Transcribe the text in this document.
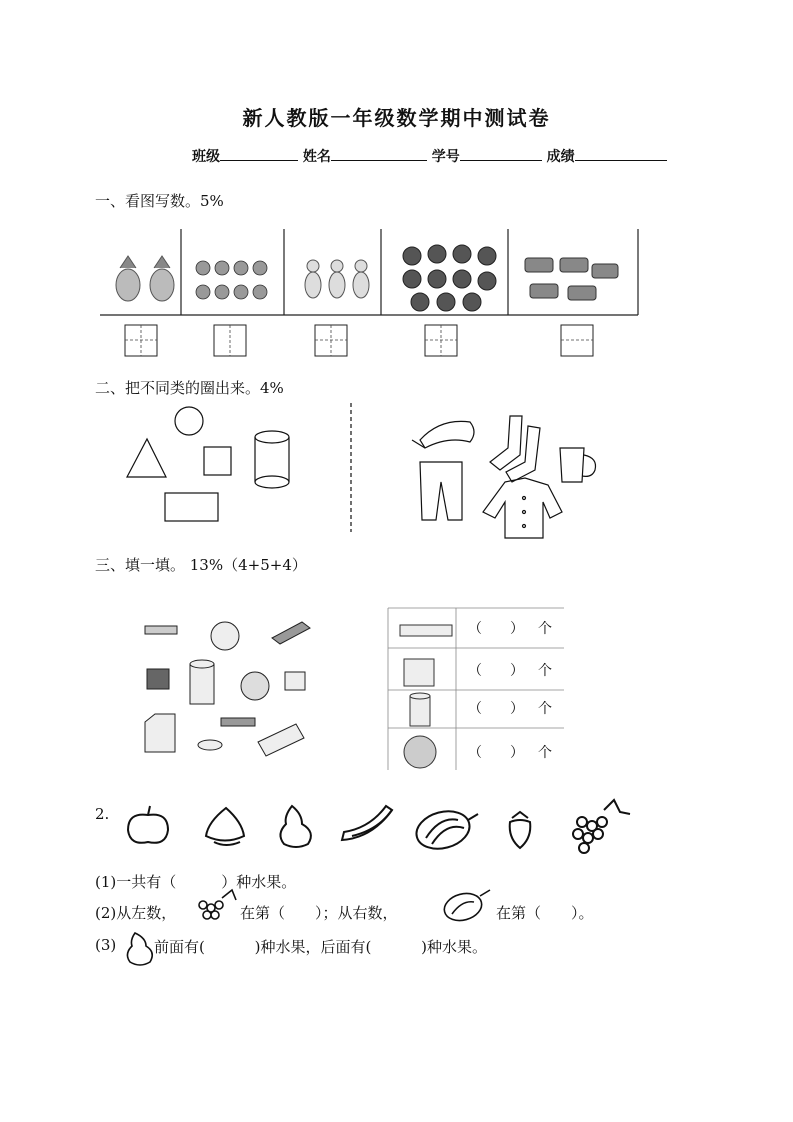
新人教版一年级数学期中测试卷
班级	姓名	学号	成绩
一、看图写数。5%
二、把不同类的圈出来。4%
三、填一填。 13%（4+5+4）
（　　） 个
（　　） 个
（　　） 个
（　　） 个
2.
(1)一共有（　　　）种水果。
(2)从左数，	在第（　　）；从右数，	在第（　　）。
(3)	前面有(　　　 )种水果，后面有(　　　 )种水果。
